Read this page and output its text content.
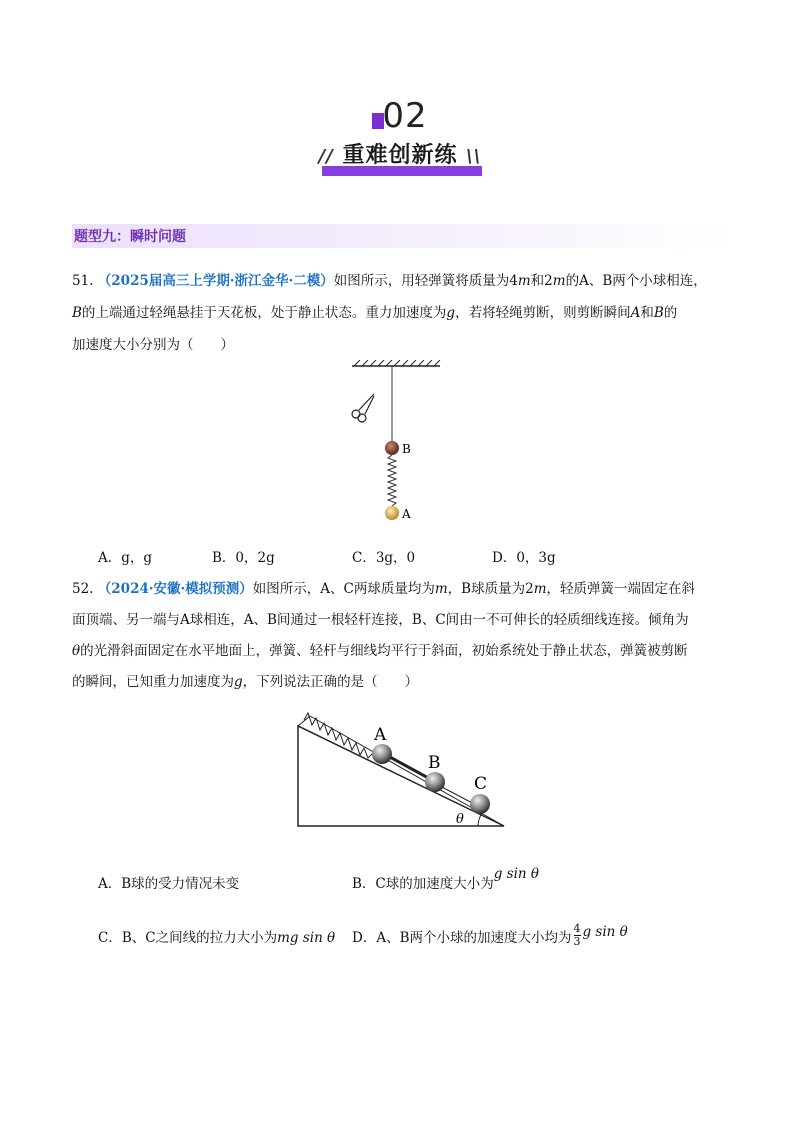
02
// 重难创新练 \\
题型九：瞬时问题
51. （2025届高三上学期·浙江金华·二模）如图所示，用轻弹簧将质量为4m和2m的A、B两个小球相连，
B的上端通过轻绳悬挂于天花板，处于静止状态。重力加速度为g，若将轻绳剪断，则剪断瞬间A和B的
加速度大小分别为（　　）
B
A
A．g，g	B．0，2g	C．3g，0	D．0，3g
52. （2024·安徽·模拟预测）如图所示，A、C两球质量均为m，B球质量为2m，轻质弹簧一端固定在斜
面顶端、另一端与A球相连，A、B间通过一根轻杆连接，B、C间由一不可伸长的轻质细线连接。倾角为
θ的光滑斜面固定在水平地面上，弹簧、轻杆与细线均平行于斜面，初始系统处于静止状态，弹簧被剪断
的瞬间，已知重力加速度为g，下列说法正确的是（　　）
A
B
C
θ
A．B球的受力情况未变	B．C球的加速度大小为g sin θ
C．B、C之间线的拉力大小为mg sin θ D．A、B两个小球的加速度大小均为 $\frac{4}{3}$ g sin θ
